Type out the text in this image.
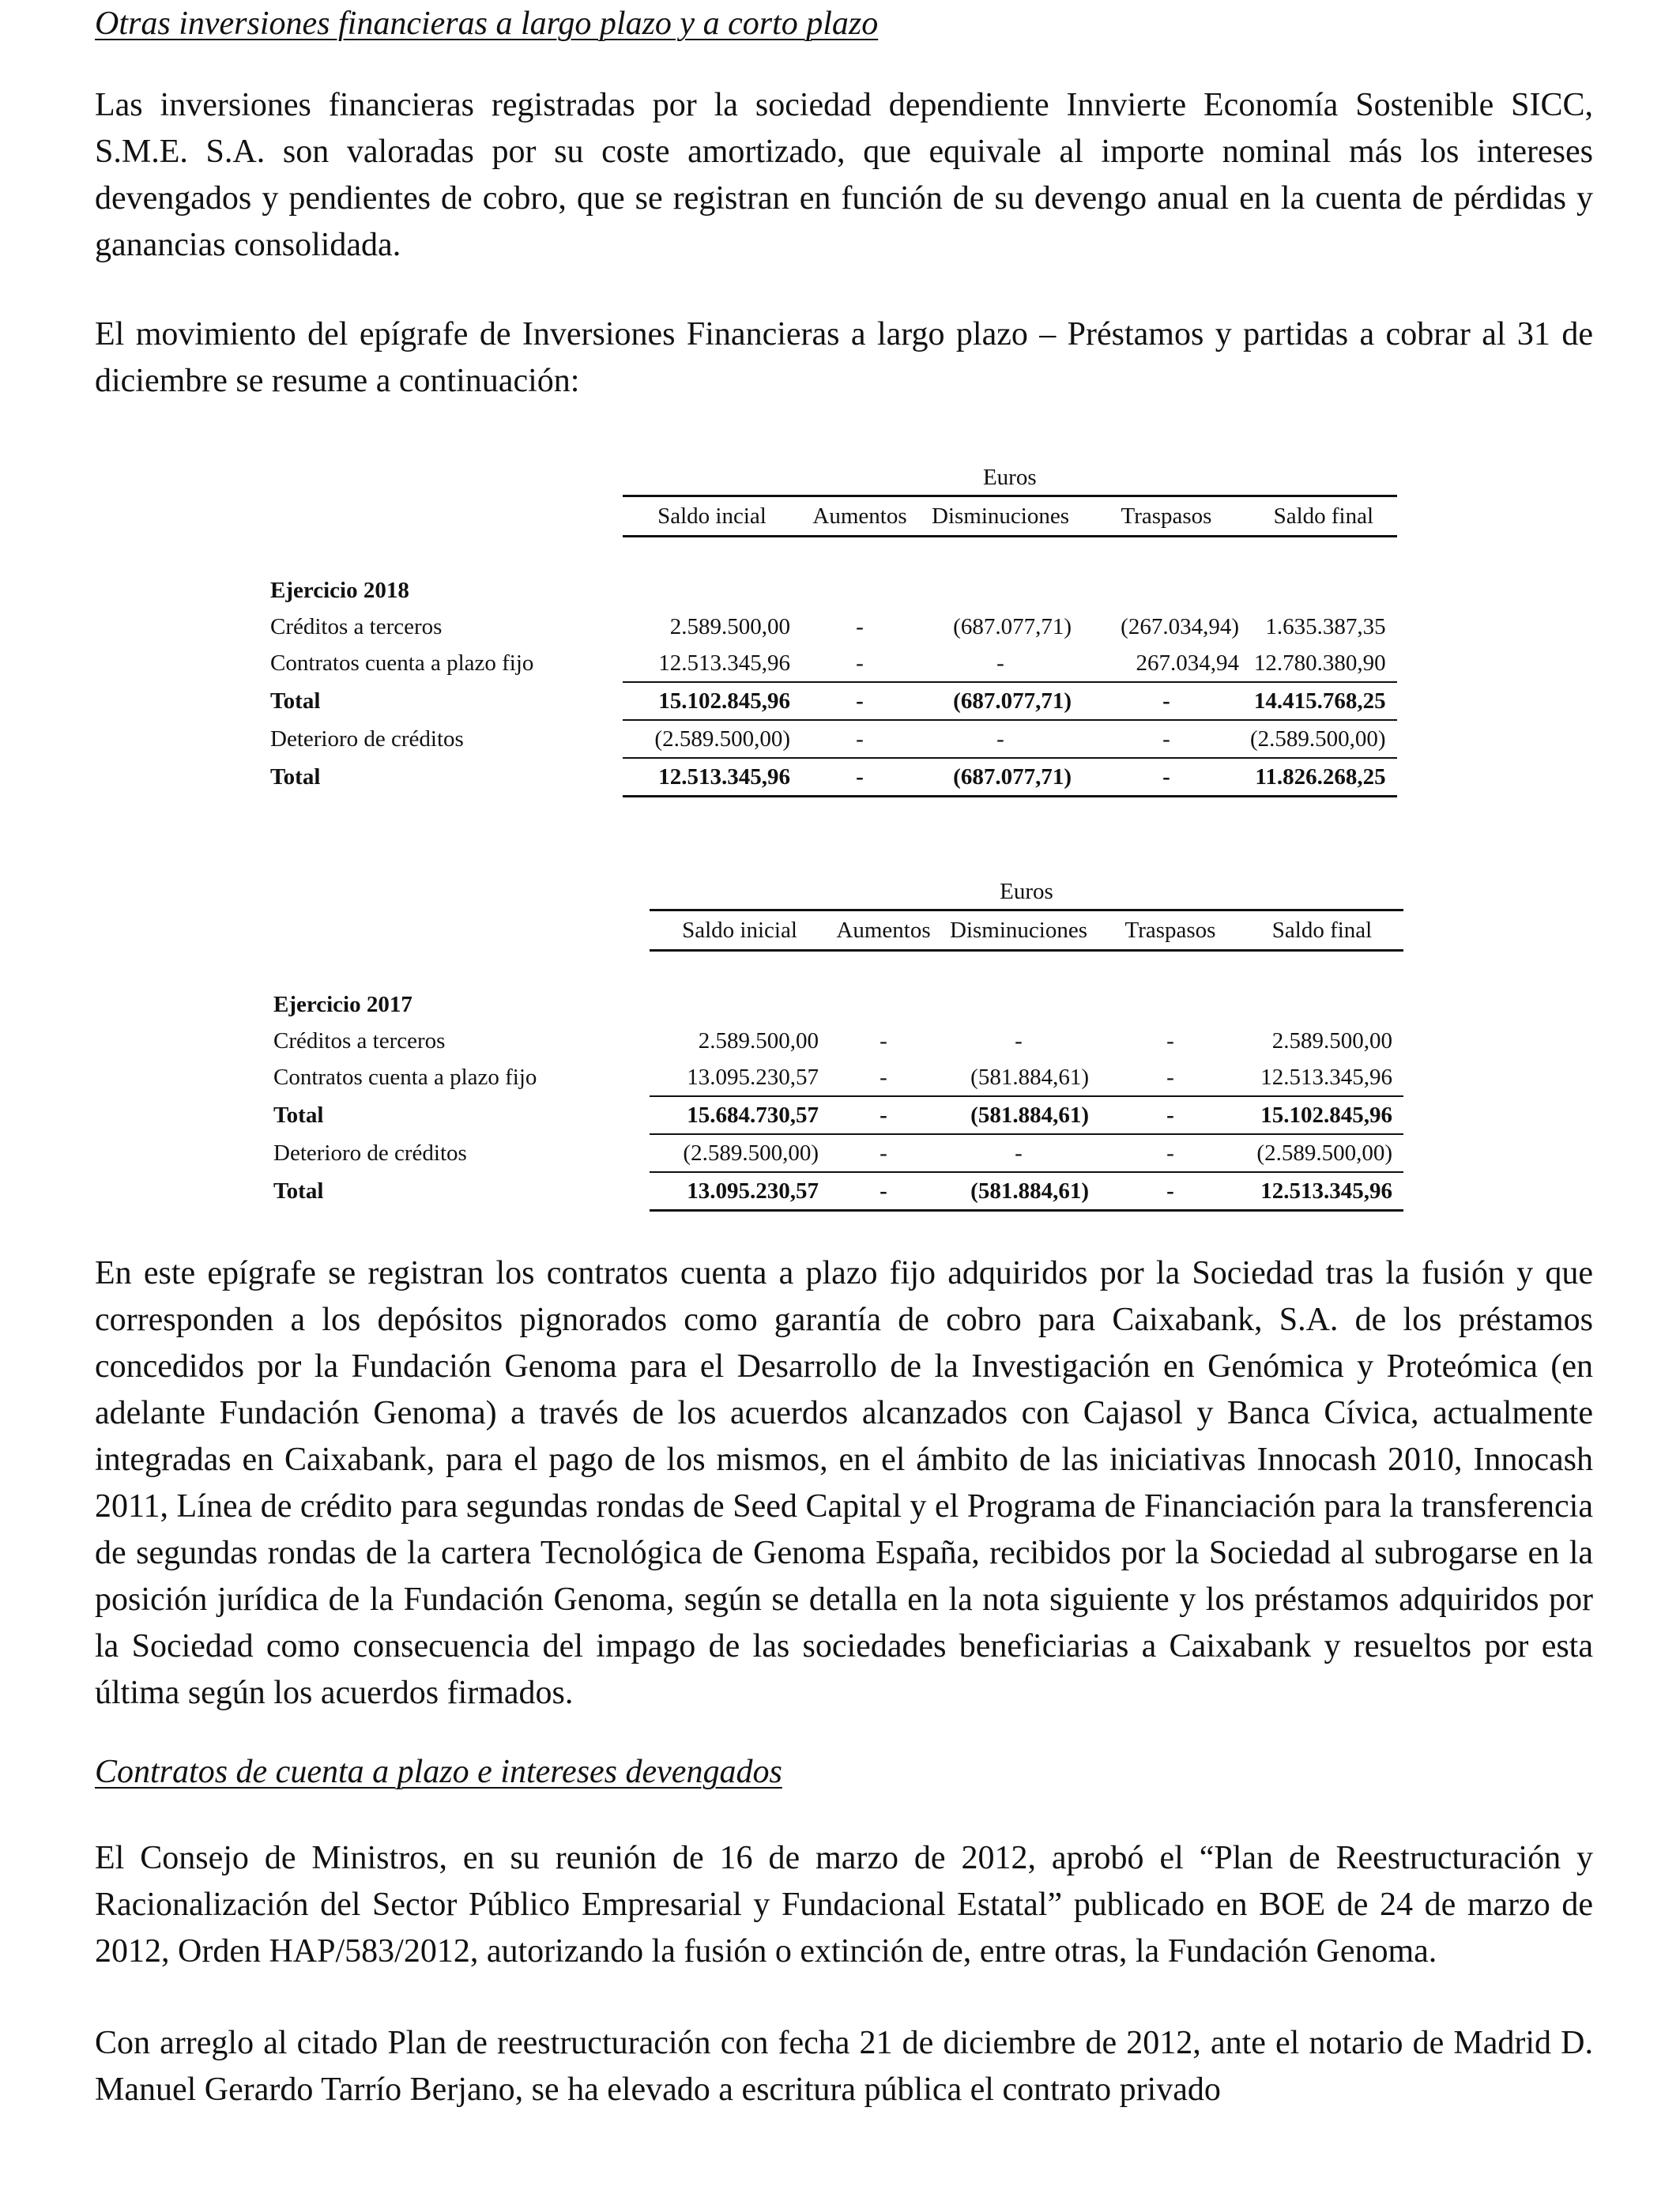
Otras inversiones financieras a largo plazo y a corto plazo

Las inversiones financieras registradas por la sociedad dependiente Innvierte Economía Sostenible SICC, S.M.E. S.A. son valoradas por su coste amortizado, que equivale al importe nominal más los intereses devengados y pendientes de cobro, que se registran en función de su devengo anual en la cuenta de pérdidas y ganancias consolidada.

El movimiento del epígrafe de Inversiones Financieras a largo plazo – Préstamos y partidas a cobrar al 31 de diciembre se resume a continuación:

	Euros				
	Saldo incial	Aumentos	Disminuciones	Traspasos	Saldo final

Ejercicio 2018					
Créditos a terceros	2.589.500,00	-	(687.077,71)	(267.034,94)	1.635.387,35
Contratos cuenta a plazo fijo	12.513.345,96	-	-	267.034,94	12.780.380,90
Total	15.102.845,96	-	(687.077,71)	-	14.415.768,25
Deterioro de créditos	(2.589.500,00)	-	-	-	(2.589.500,00)
Total	12.513.345,96	-	(687.077,71)	-	11.826.268,25
	Euros				
	Saldo inicial	Aumentos	Disminuciones	Traspasos	Saldo final

Ejercicio 2017					
Créditos a terceros	2.589.500,00	-	-	-	2.589.500,00
Contratos cuenta a plazo fijo	13.095.230,57	-	(581.884,61)	-	12.513.345,96
Total	15.684.730,57	-	(581.884,61)	-	15.102.845,96
Deterioro de créditos	(2.589.500,00)	-	-	-	(2.589.500,00)
Total	13.095.230,57	-	(581.884,61)	-	12.513.345,96

En este epígrafe se registran los contratos cuenta a plazo fijo adquiridos por la Sociedad tras la fusión y que corresponden a los depósitos pignorados como garantía de cobro para Caixabank, S.A. de los préstamos concedidos por la Fundación Genoma para el Desarrollo de la Investigación en Genómica y Proteómica (en adelante Fundación Genoma) a través de los acuerdos alcanzados con Cajasol y Banca Cívica, actualmente integradas en Caixabank, para el pago de los mismos, en el ámbito de las iniciativas Innocash 2010, Innocash 2011, Línea de crédito para segundas rondas de Seed Capital y el Programa de Financiación para la transferencia de segundas rondas de la cartera Tecnológica de Genoma España, recibidos por la Sociedad al subrogarse en la posición jurídica de la Fundación Genoma, según se detalla en la nota siguiente y los préstamos adquiridos por la Sociedad como consecuencia del impago de las sociedades beneficiarias a Caixabank y resueltos por esta última según los acuerdos firmados.

Contratos de cuenta a plazo e intereses devengados

El Consejo de Ministros, en su reunión de 16 de marzo de 2012, aprobó el “Plan de Reestructuración y Racionalización del Sector Público Empresarial y Fundacional Estatal” publicado en BOE de 24 de marzo de 2012, Orden HAP/583/2012, autorizando la fusión o extinción de, entre otras, la Fundación Genoma.

Con arreglo al citado Plan de reestructuración con fecha 21 de diciembre de 2012, ante el notario de Madrid D. Manuel Gerardo Tarrío Berjano, se ha elevado a escritura pública el contrato privado
